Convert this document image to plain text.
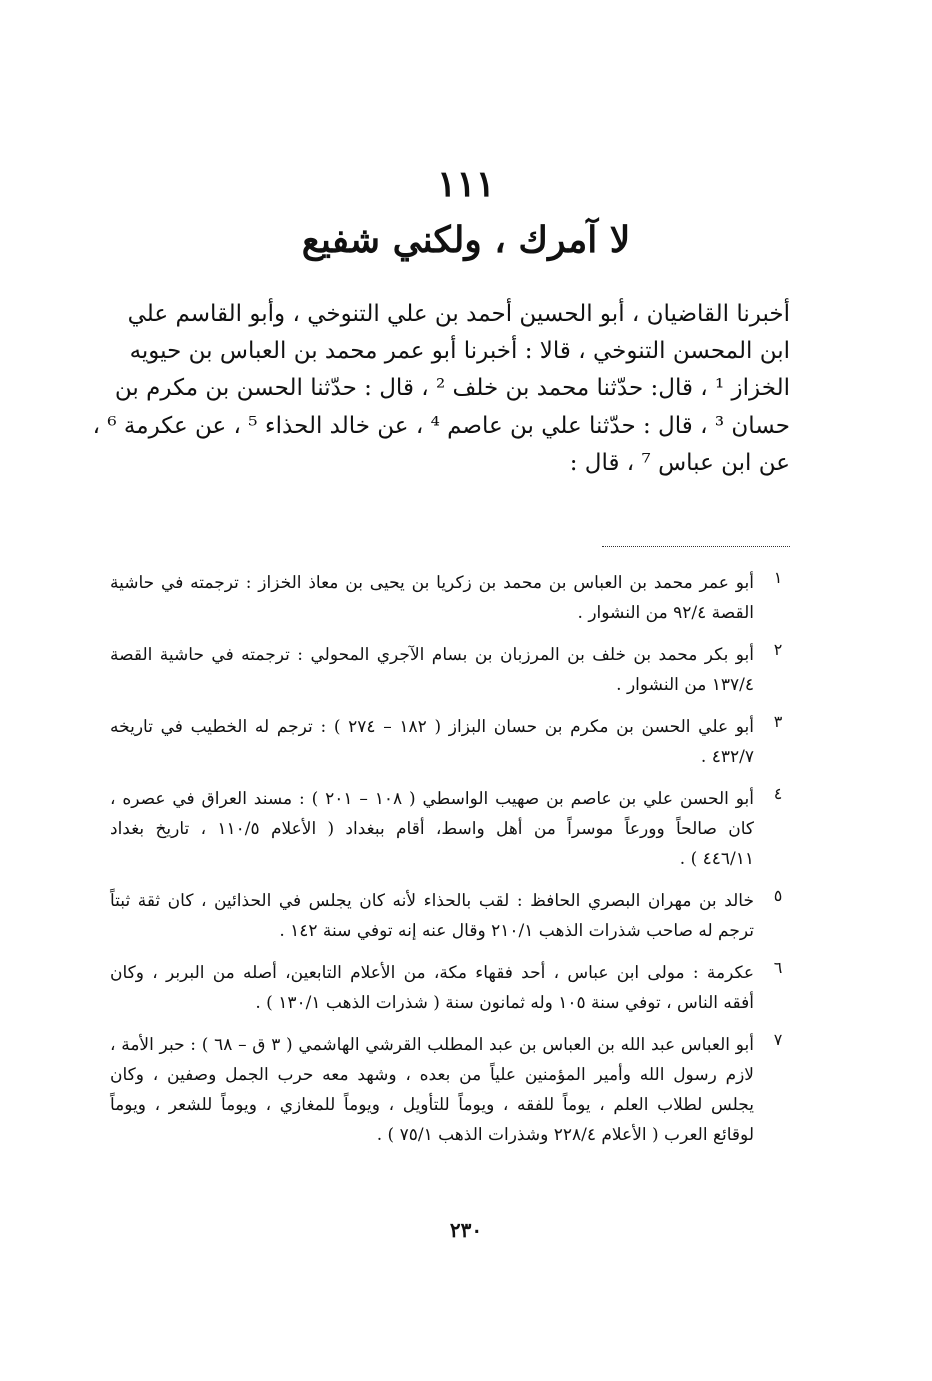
١١١
لا آمرك ، ولكني شفيع
أخبرنا القاضيان ، أبو الحسين أحمد بن علي التنوخي ، وأبو القاسم علي
ابن المحسن التنوخي ، قالا : أخبرنا أبو عمر محمد بن العباس بن حيويه
الخزاز ¹ ، قال: حدّثنا محمد بن خلف ² ، قال : حدّثنا الحسن بن مكرم بن
حسان ³ ، قال : حدّثنا علي بن عاصم ⁴ ، عن خالد الحذاء ⁵ ، عن عكرمة ⁶ ،
عن ابن عباس ⁷ ، قال :
١
أبو عمر محمد بن العباس بن محمد بن زكريا بن يحيى بن معاذ الخزاز : ترجمته في حاشية
القصة ٩٢/٤ من النشوار .
٢
أبو بكر محمد بن خلف بن المرزبان بن بسام الآجري المحولي : ترجمته في حاشية القصة
١٣٧/٤ من النشوار .
٣
أبو علي الحسن بن مكرم بن حسان البزاز ( ١٨٢ – ٢٧٤ ) : ترجم له الخطيب في تاريخه
٤٣٢/٧ .
٤
أبو الحسن علي بن عاصم بن صهيب الواسطي ( ١٠٨ – ٢٠١ ) : مسند العراق في عصره ،
كان صالحاً وورعاً موسراً من أهل واسط، أقام ببغداد ( الأعلام ١١٠/٥ ، تاريخ بغداد
٤٤٦/١١ ) .
٥
خالد بن مهران البصري الحافظ : لقب بالحذاء لأنه كان يجلس في الحذائين ، كان ثقة ثبتاً
ترجم له صاحب شذرات الذهب ٢١٠/١ وقال عنه إنه توفي سنة ١٤٢ .
٦
عكرمة : مولى ابن عباس ، أحد فقهاء مكة، من الأعلام التابعين، أصله من البربر ، وكان
أفقه الناس ، توفي سنة ١٠٥ وله ثمانون سنة ( شذرات الذهب ١٣٠/١ ) .
٧
أبو العباس عبد الله بن العباس بن عبد المطلب القرشي الهاشمي ( ٣ ق – ٦٨ ) : حبر الأمة ،
لازم رسول الله وأمير المؤمنين علياً من بعده ، وشهد معه حرب الجمل وصفين ، وكان
يجلس لطلاب العلم ، يوماً للفقه ، ويوماً للتأويل ، ويوماً للمغازي ، ويوماً للشعر ، ويوماً
لوقائع العرب ( الأعلام ٢٢٨/٤ وشذرات الذهب ٧٥/١ ) .
٢٣٠
